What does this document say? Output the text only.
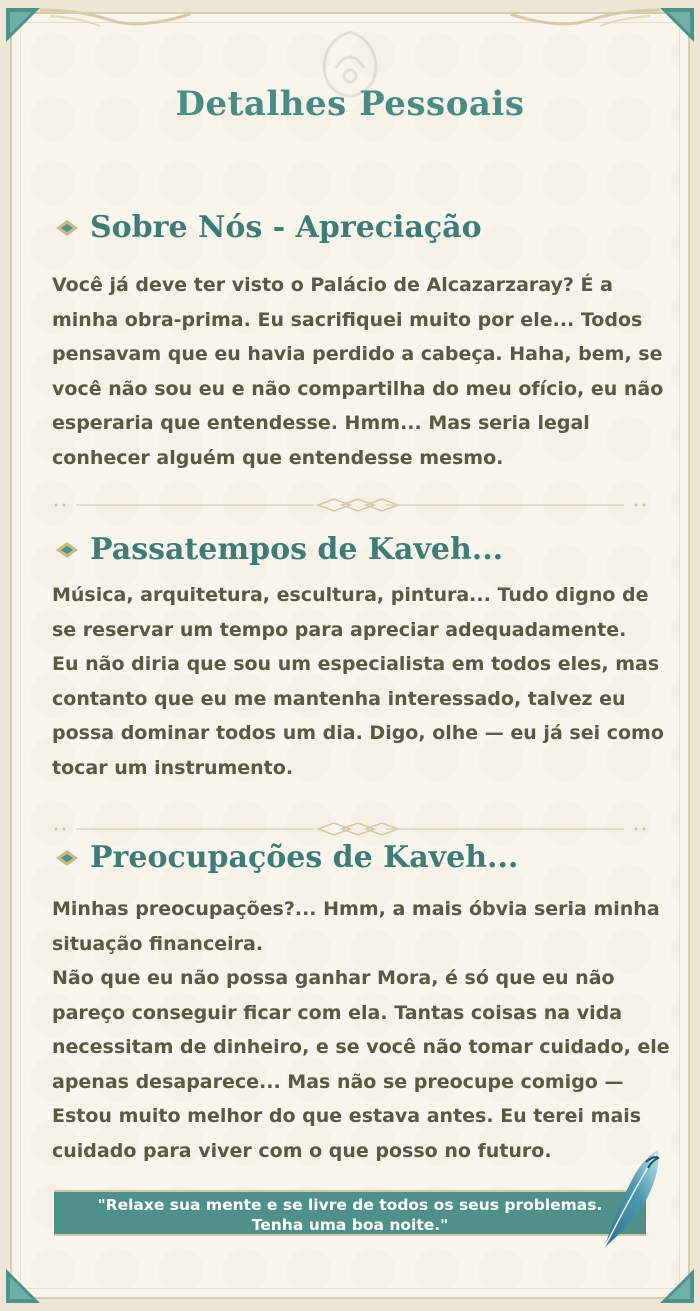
Detalhes Pessoais
Sobre Nós - Apreciação

Você já deve ter visto o Palácio de Alcazarzaray? É a minha obra-prima. Eu sacrifiquei muito por ele... Todos pensavam que eu havia perdido a cabeça. Haha, bem, se você não sou eu e não compartilha do meu ofício, eu não esperaria que entendesse. Hmm... Mas seria legal conhecer alguém que entendesse mesmo.

Passatempos de Kaveh...

Música, arquitetura, escultura, pintura... Tudo digno de se reservar um tempo para apreciar adequadamente.

Eu não diria que sou um especialista em todos eles, mas contanto que eu me mantenha interessado, talvez eu possa dominar todos um dia. Digo, olhe — eu já sei como tocar um instrumento.

Preocupações de Kaveh...

Minhas preocupações?... Hmm, a mais óbvia seria minha situação financeira.

Não que eu não possa ganhar Mora, é só que eu não pareço conseguir ficar com ela. Tantas coisas na vida necessitam de dinheiro, e se você não tomar cuidado, ele apenas desaparece... Mas não se preocupe comigo — Estou muito melhor do que estava antes. Eu terei mais cuidado para viver com o que posso no futuro.

"Relaxe sua mente e se livre de todos os seus problemas.
Tenha uma boa noite."
